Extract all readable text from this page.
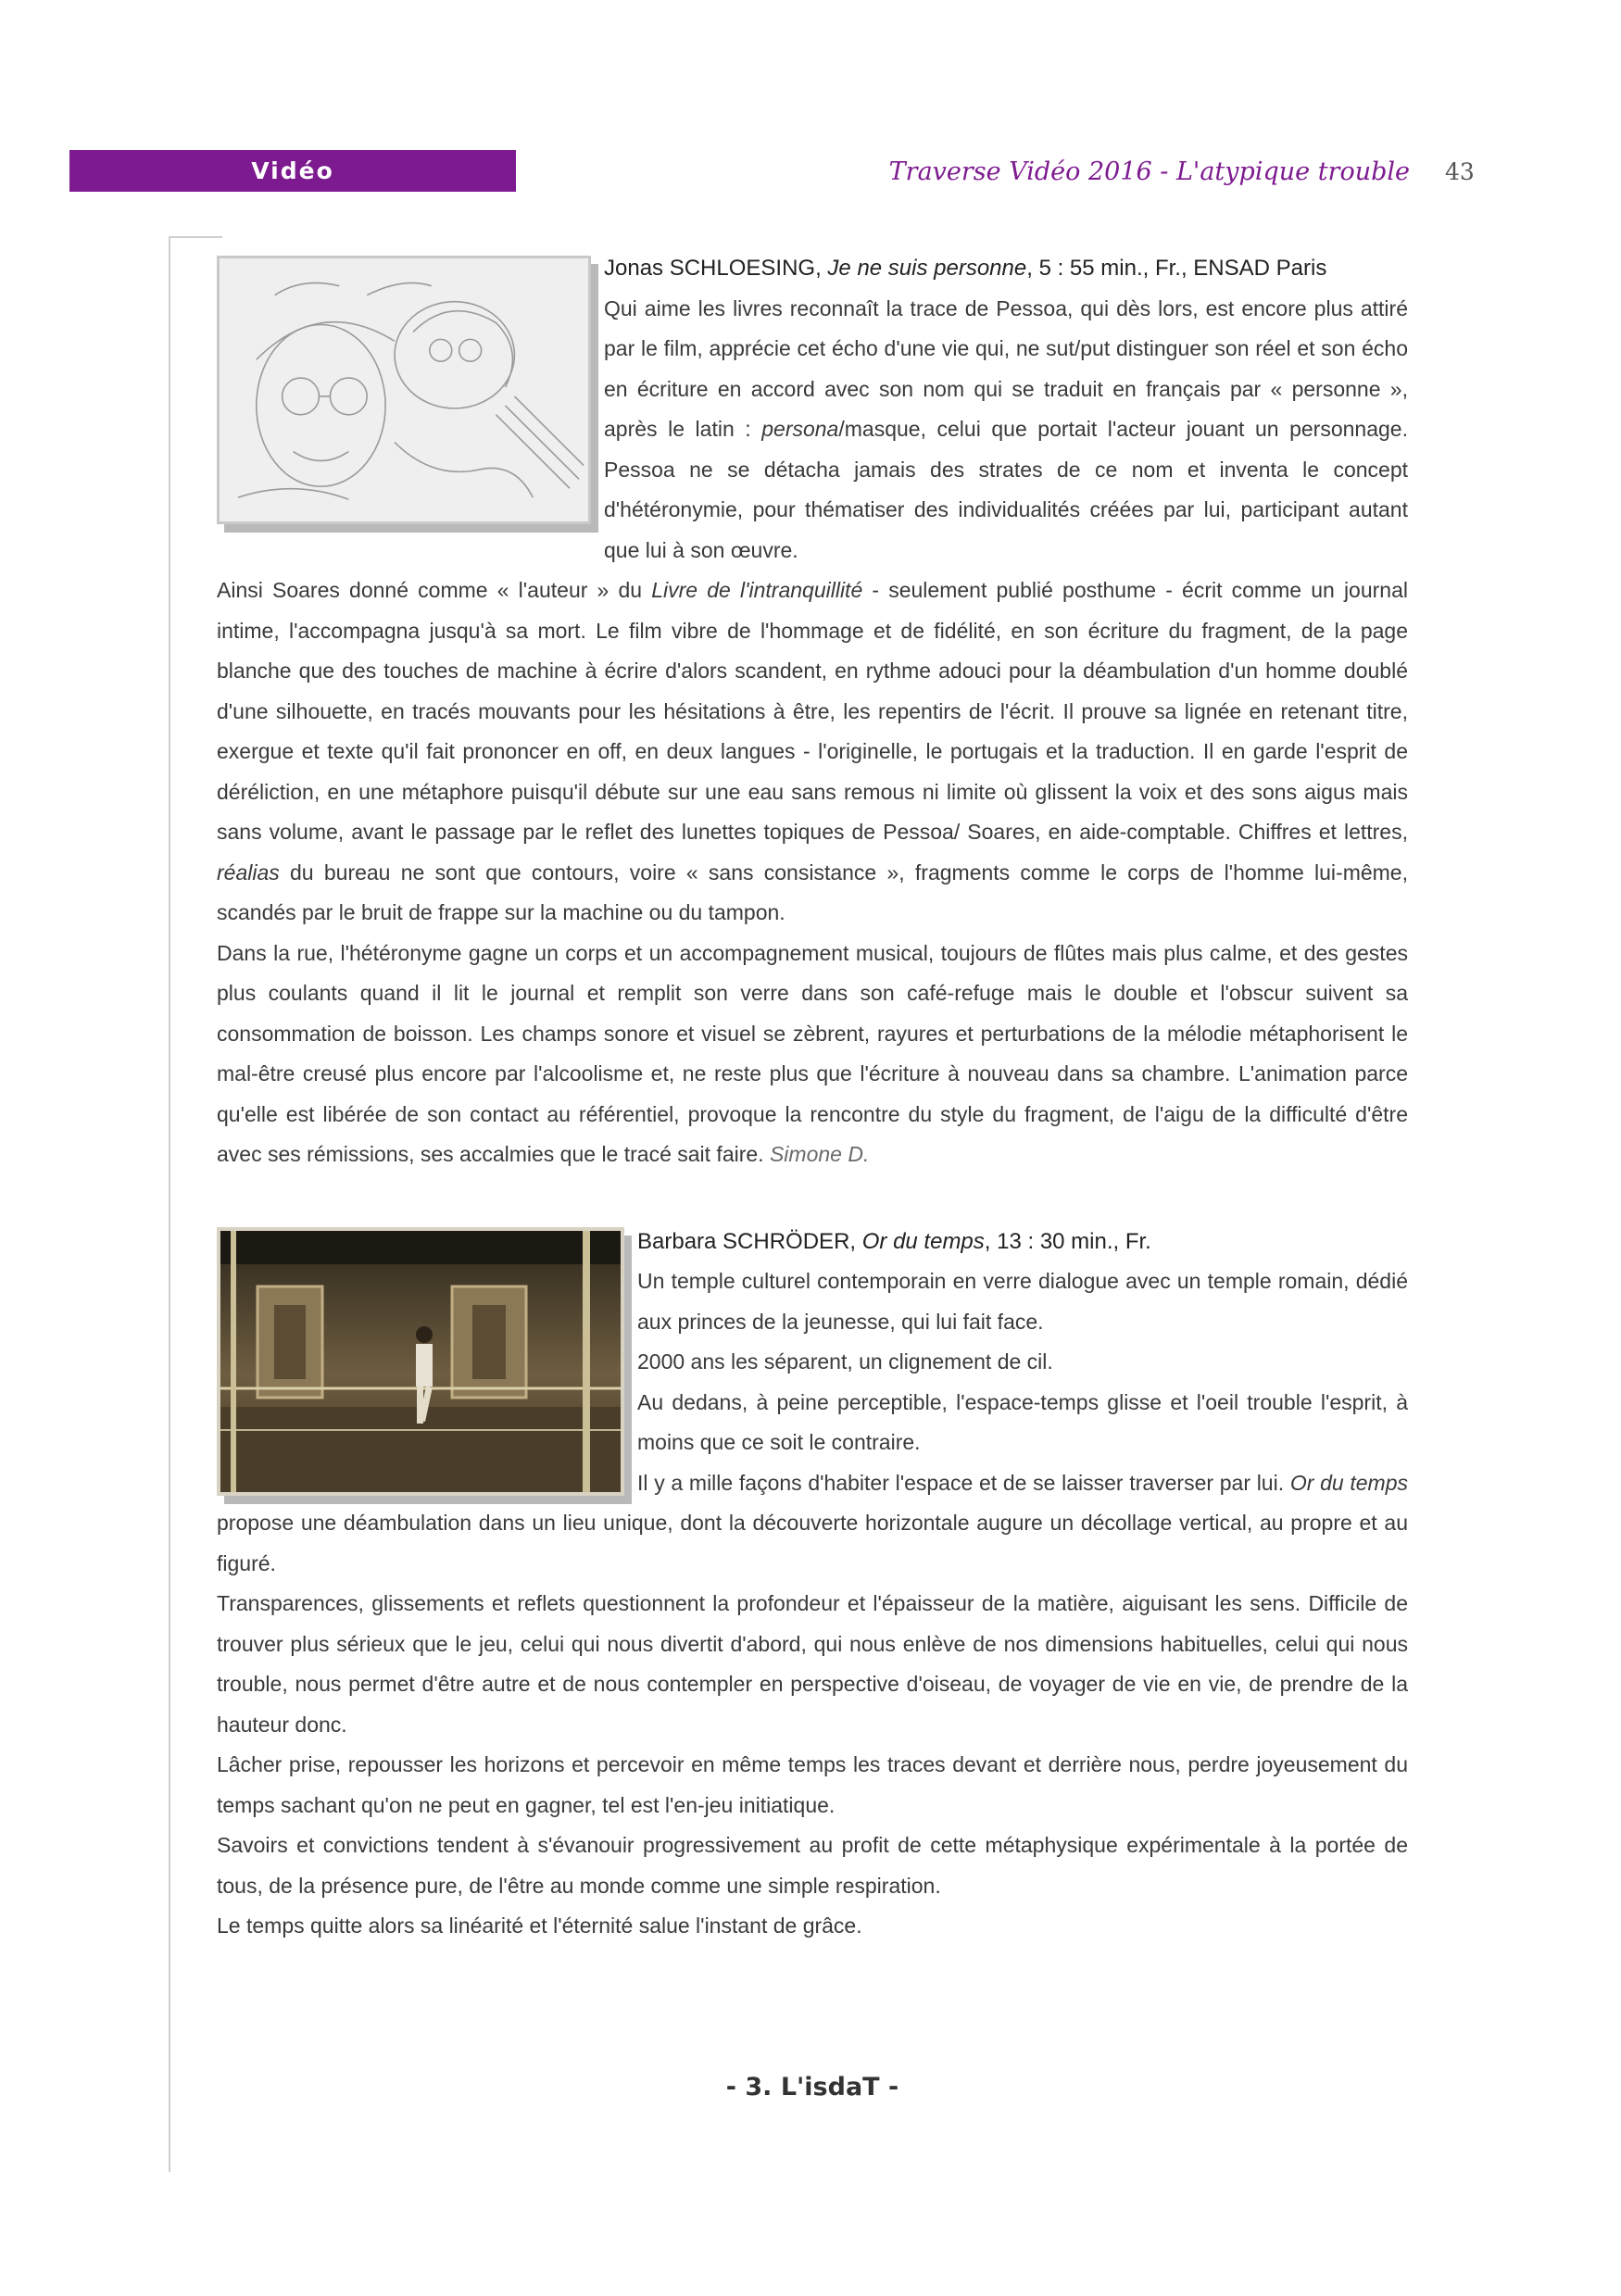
Vidéo	Traverse Vidéo 2016 - L'atypique trouble 43

Jonas SCHLOESING, Je ne suis personne, 5 : 55 min., Fr., ENSAD Paris

Qui aime les livres reconnaît la trace de Pessoa, qui dès lors, est encore plus attiré par le film, apprécie cet écho d'une vie qui, ne sut/put distinguer son réel et son écho en écriture en accord avec son nom qui se traduit en français par « personne », après le latin : persona/masque, celui que portait l'acteur jouant un personnage. Pessoa ne se détacha jamais des strates de ce nom et inventa le concept d'hétéronymie, pour thématiser des individualités créées par lui, participant autant que lui à son œuvre.

Ainsi Soares donné comme « l'auteur » du Livre de l'intranquillité - seulement publié posthume - écrit comme un journal intime, l'accompagna jusqu'à sa mort. Le film vibre de l'hommage et de fidélité, en son écriture du fragment, de la page blanche que des touches de machine à écrire d'alors scandent, en rythme adouci pour la déambulation d'un homme doublé d'une silhouette, en tracés mouvants pour les hésitations à être, les repentirs de l'écrit. Il prouve sa lignée en retenant titre, exergue et texte qu'il fait prononcer en off, en deux langues - l'originelle, le portugais et la traduction. Il en garde l'esprit de déréliction, en une métaphore puisqu'il débute sur une eau sans remous ni limite où glissent la voix et des sons aigus mais sans volume, avant le passage par le reflet des lunettes topiques de Pessoa/ Soares, en aide-comptable. Chiffres et lettres, réalias du bureau ne sont que contours, voire « sans consistance », fragments comme le corps de l'homme lui-même, scandés par le bruit de frappe sur la machine ou du tampon.

Dans la rue, l'hétéronyme gagne un corps et un accompagnement musical, toujours de flûtes mais plus calme, et des gestes plus coulants quand il lit le journal et remplit son verre dans son café-refuge mais le double et l'obscur suivent sa consommation de boisson. Les champs sonore et visuel se zèbrent, rayures et perturbations de la mélodie métaphorisent le mal-être creusé plus encore par l'alcoolisme et, ne reste plus que l'écriture à nouveau dans sa chambre. L'animation parce qu'elle est libérée de son contact au référentiel, provoque la rencontre du style du fragment, de l'aigu de la difficulté d'être avec ses rémissions, ses accalmies que le tracé sait faire. Simone D.

Barbara SCHRÖDER, Or du temps, 13 : 30 min., Fr.

Un temple culturel contemporain en verre dialogue avec un temple romain, dédié aux princes de la jeunesse, qui lui fait face.

2000 ans les séparent, un clignement de cil.

Au dedans, à peine perceptible, l'espace-temps glisse et l'oeil trouble l'esprit, à moins que ce soit le contraire.

Il y a mille façons d'habiter l'espace et de se laisser traverser par lui. Or du temps propose une déambulation dans un lieu unique, dont la découverte horizontale augure un décollage vertical, au propre et au figuré.

Transparences, glissements et reflets questionnent la profondeur et l'épaisseur de la matière, aiguisant les sens. Difficile de trouver plus sérieux que le jeu, celui qui nous divertit d'abord, qui nous enlève de nos dimensions habituelles, celui qui nous trouble, nous permet d'être autre et de nous contempler en perspective d'oiseau, de voyager de vie en vie, de prendre de la hauteur donc.

Lâcher prise, repousser les horizons et percevoir en même temps les traces devant et derrière nous, perdre joyeusement du temps sachant qu'on ne peut en gagner, tel est l'en-jeu initiatique.

Savoirs et convictions tendent à s'évanouir progressivement au profit de cette métaphysique expérimentale à la portée de tous, de la présence pure, de l'être au monde comme une simple respiration.

Le temps quitte alors sa linéarité et l'éternité salue l'instant de grâce.

- 3. L'isdaT -
